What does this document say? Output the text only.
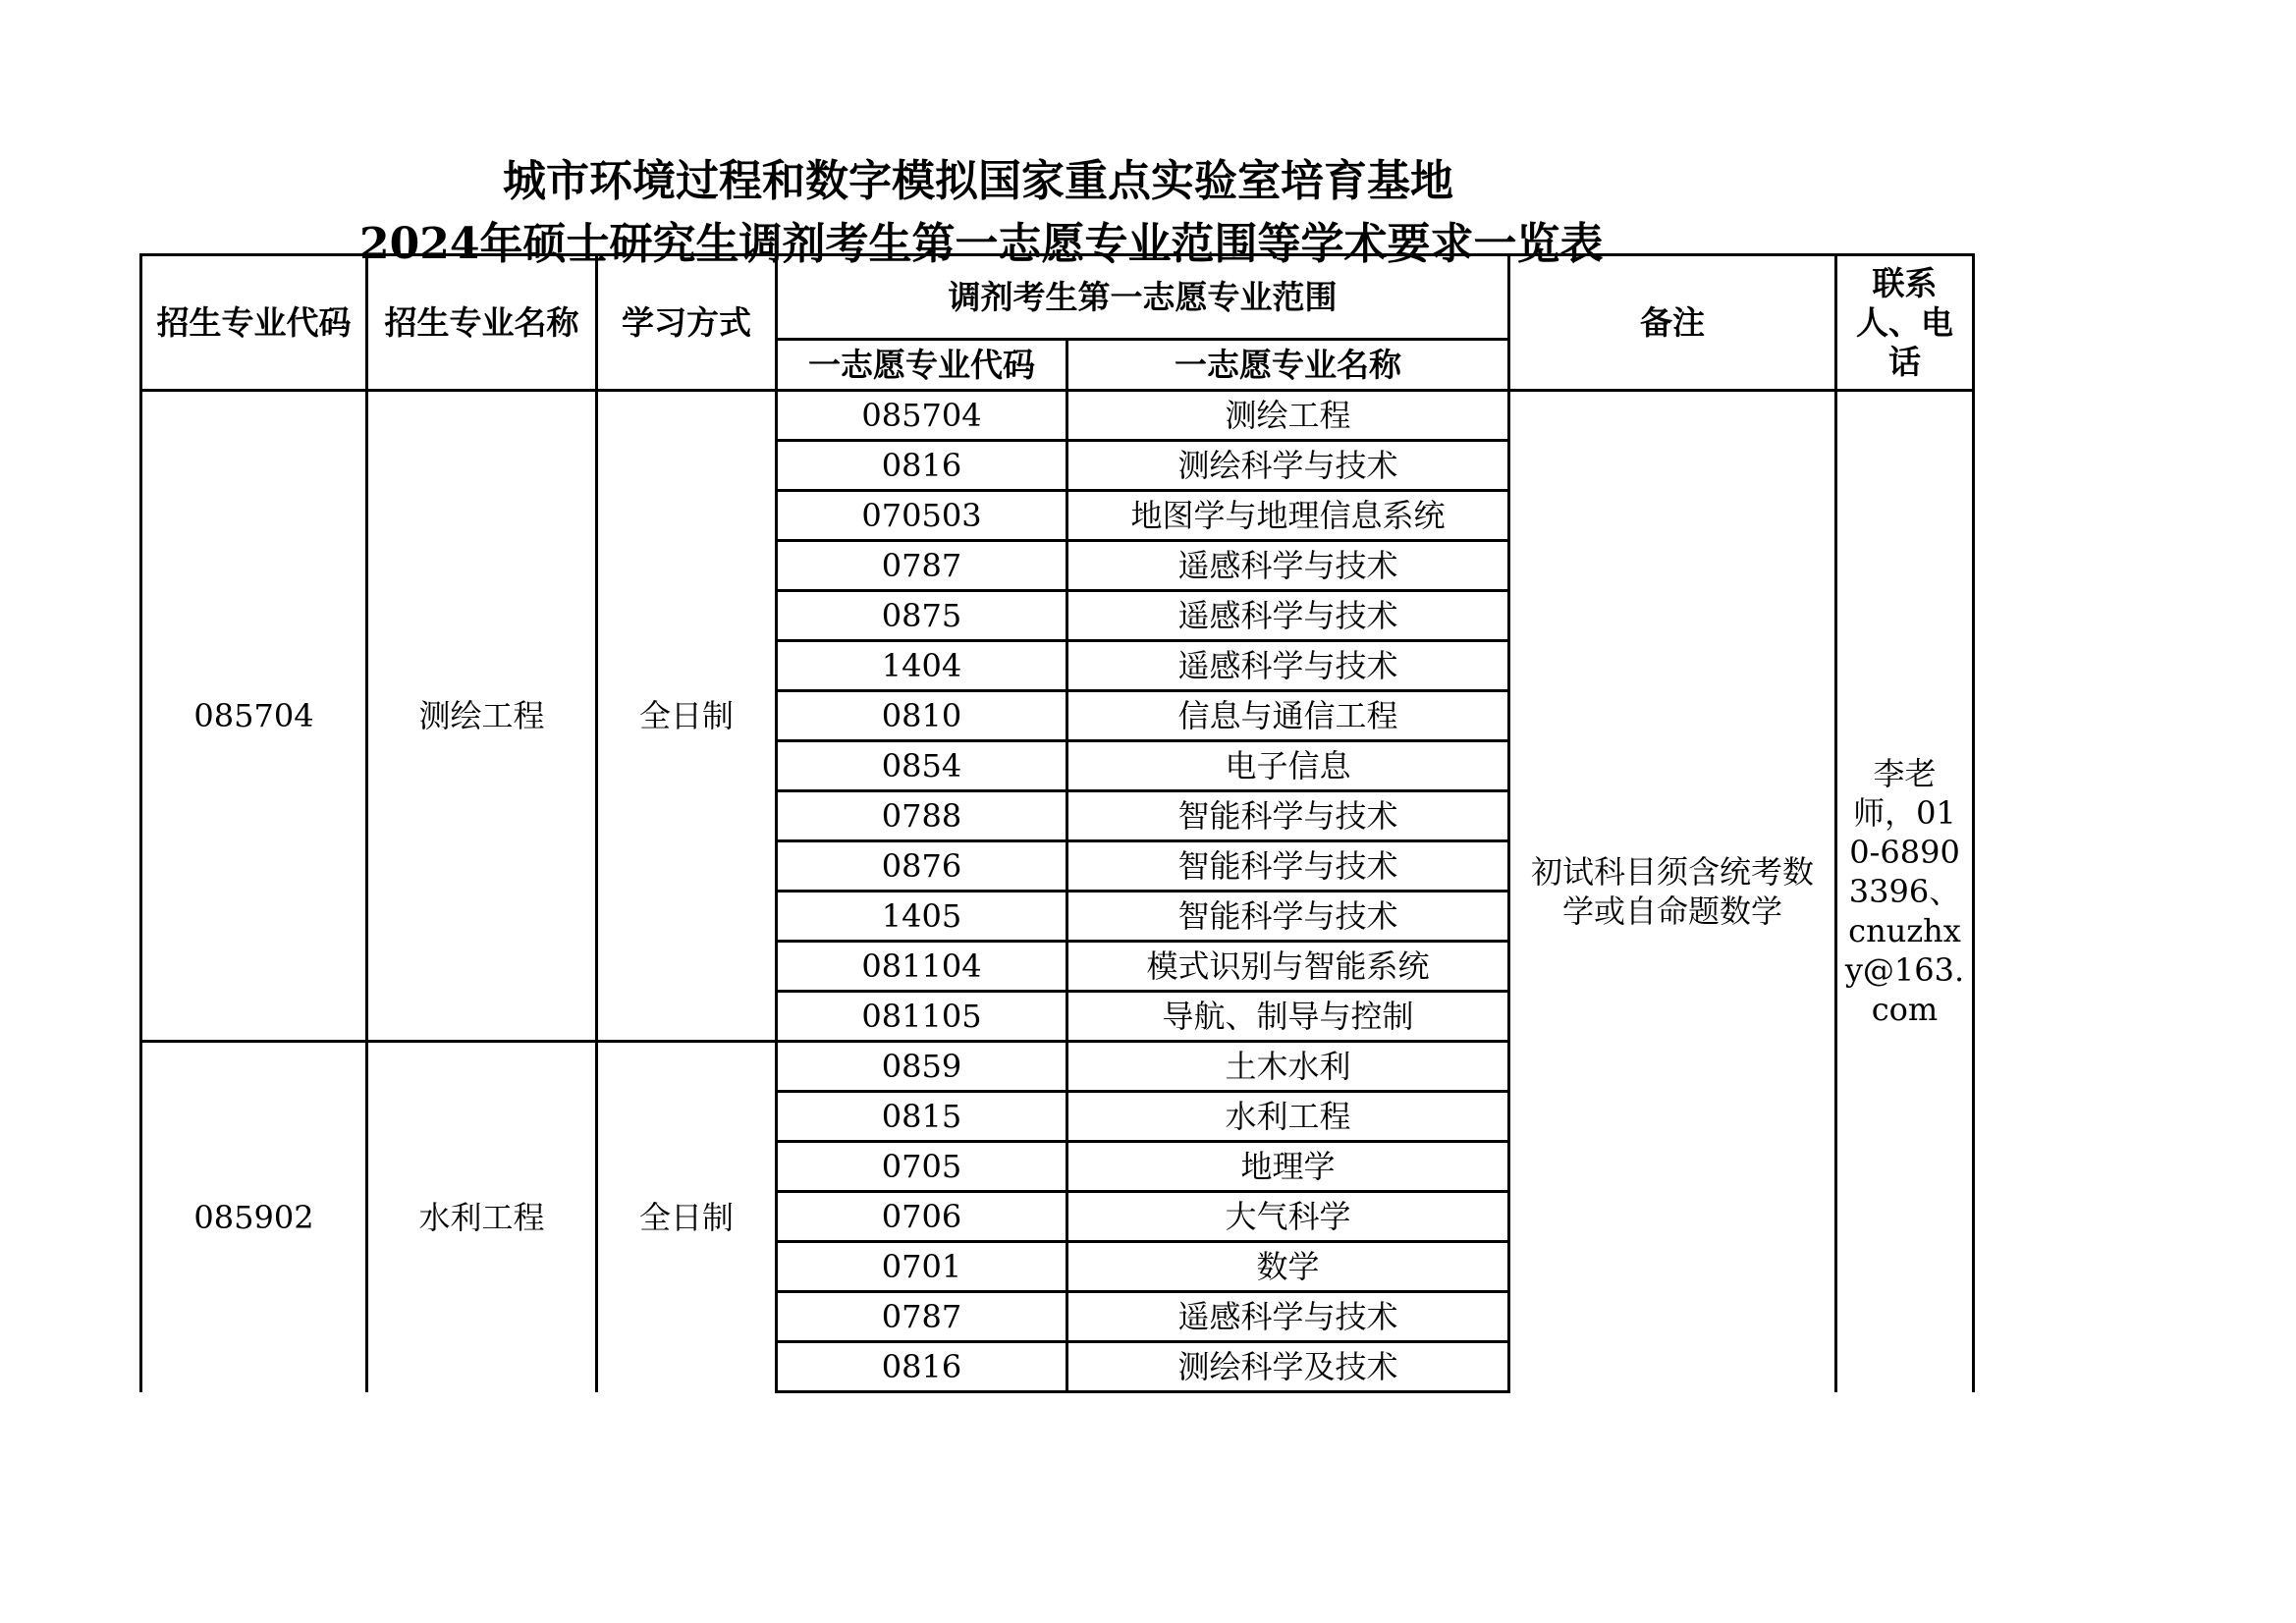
城市环境过程和数字模拟国家重点实验室培育基地
2024年硕士研究生调剂考生第一志愿专业范围等学术要求一览表
招生专业代码	招生专业名称	学习方式	调剂考生第一志愿专业范围		备注	联系人、电话
			一志愿专业代码	一志愿专业名称		
085704	测绘工程	全日制	085704	测绘工程	初试科目须含统考数学或自命题数学	李老师，010-68903396、cnuzhxy@163.com
			0816	测绘科学与技术		
			070503	地图学与地理信息系统		
			0787	遥感科学与技术		
			0875	遥感科学与技术		
			1404	遥感科学与技术		
			0810	信息与通信工程		
			0854	电子信息		
			0788	智能科学与技术		
			0876	智能科学与技术		
			1405	智能科学与技术		
			081104	模式识别与智能系统		
			081105	导航、制导与控制		
085902	水利工程	全日制	0859	土木水利		
			0815	水利工程		
			0705	地理学		
			0706	大气科学		
			0701	数学		
			0787	遥感科学与技术		
			0816	测绘科学及技术		
